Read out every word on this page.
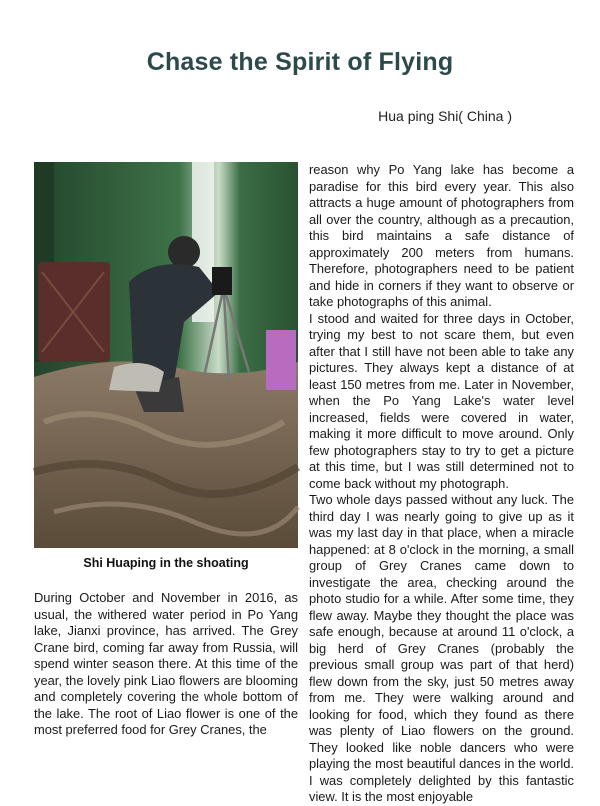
Chase the Spirit of Flying
Hua ping Shi( China )
Shi Huaping in the shoating

During October and November in 2016, as usual, the withered water period in Po Yang lake, Jianxi province, has arrived. The Grey Crane bird, coming far away from Russia, will spend winter season there. At this time of the year, the lovely pink Liao flowers are blooming and completely covering the whole bottom of the lake. The root of Liao flower is one of the most preferred food for Grey Cranes, the

reason why Po Yang lake has become a paradise for this bird every year. This also attracts a huge amount of photographers from all over the country, although as a precaution, this bird maintains a safe distance of approximately 200 meters from humans. Therefore, photographers need to be patient and hide in corners if they want to observe or take photographs of this animal.

I stood and waited for three days in October, trying my best to not scare them, but even after that I still have not been able to take any pictures. They always kept a distance of at least 150 metres from me. Later in November, when the Po Yang Lake's water level increased, fields were covered in water, making it more difficult to move around. Only few photographers stay to try to get a picture at this time, but I was still determined not to come back without my photograph.

Two whole days passed without any luck. The third day I was nearly going to give up as it was my last day in that place, when a miracle happened: at 8 o'clock in the morning, a small group of Grey Cranes came down to investigate the area, checking around the photo studio for a while. After some time, they flew away. Maybe they thought the place was safe enough, because at around 11 o'clock, a big herd of Grey Cranes (probably the previous small group was part of that herd) flew down from the sky, just 50 metres away from me. They were walking around and looking for food, which they found as there was plenty of Liao flowers on the ground. They looked like noble dancers who were playing the most beautiful dances in the world. I was completely delighted by this fantastic view. It is the most enjoyable
